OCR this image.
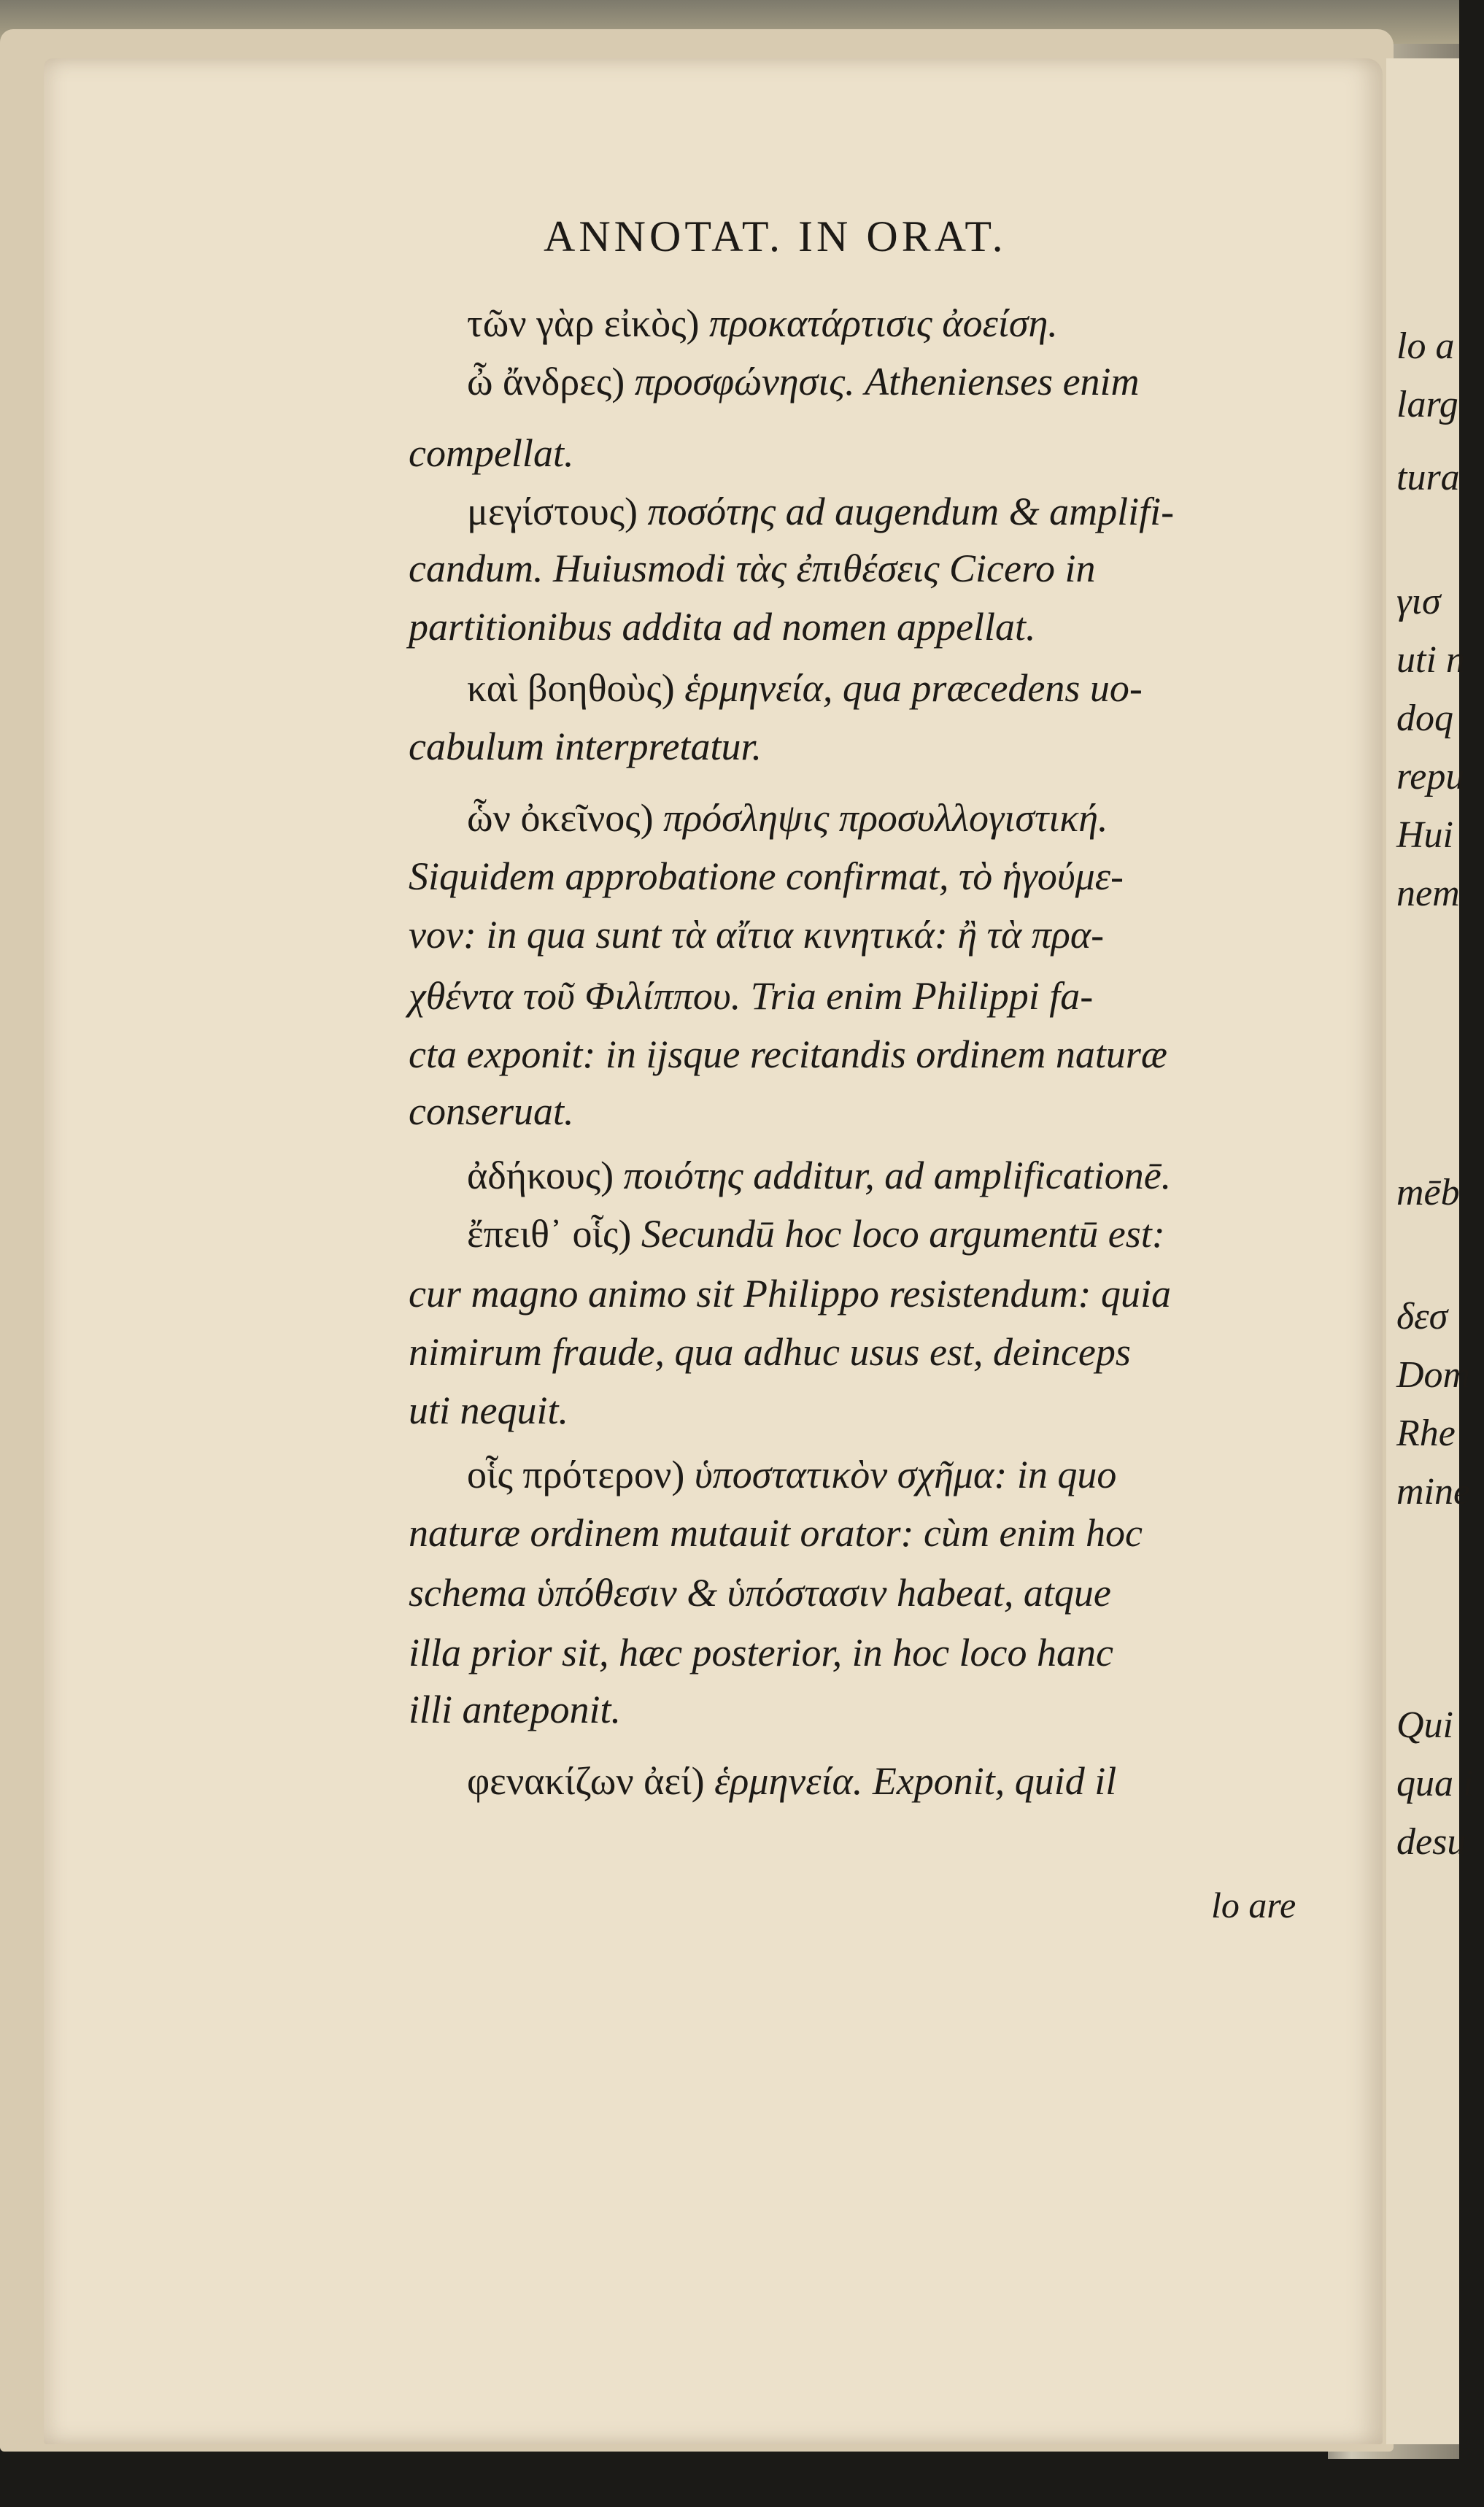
lo a
larg
tura
γισ
uti n
doq
repu
Hui
nem
mēb
δεσ
Dom
Rhe
mine
Qui
qua i
desu
ANNOTAT. IN ORAT.
τῶν γὰρ εἰκὸς) προκατάρτισις ἀοείση.
ὦ ἄνδρες) προσφώνησις. Athenienses enim
compellat.
μεγίστους) ποσότης ad augendum & amplifi-
candum. Huiusmodi τὰς ἐπιθέσεις Cicero in
partitionibus addita ad nomen appellat.
καὶ βοηθοὺς) ἑρμηνεία, qua præcedens uo-
cabulum interpretatur.
ὧν ὀκεῖνος) πρόσληψις προσυλλογιστική.
Siquidem approbatione confirmat, τὸ ἡγούμε-
νον: in qua sunt τὰ αἴτια κινητικά: ἢ τὰ πρα-
χθέντα τοῦ Φιλίππου. Tria enim Philippi fa-
cta exponit: in ijsque recitandis ordinem naturæ
conseruat.
ἀδήκους) ποιότης additur, ad amplificationē.
ἔπειθ᾽ οἷς) Secundū hoc loco argumentū est:
cur magno animo sit Philippo resistendum: quia
nimirum fraude, qua adhuc usus est, deinceps
uti nequit.
οἷς πρότερον) ὑποστατικὸν σχῆμα: in quo
naturæ ordinem mutauit orator: cùm enim hoc
schema ὑπόθεσιν & ὑπόστασιν habeat, atque
illa prior sit, hæc posterior, in hoc loco hanc
illi anteponit.
φενακίζων ἀεί) ἑρμηνεία. Exponit, quid il
lo are
